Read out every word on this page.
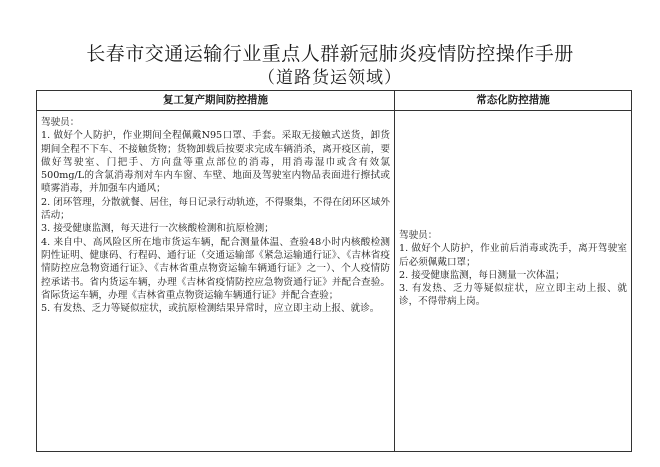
长春市交通运输行业重点人群新冠肺炎疫情防控操作手册
（道路货运领域）
复工复产期间防控措施

驾驶员：

1. 做好个人防护，作业期间全程佩戴N95口罩、手套。采取无接触式送货，卸货期间全程不下车、不接触货物；货物卸载后按要求完成车辆消杀，离开疫区前，要做好驾驶室、门把手、方向盘等重点部位的消毒，用消毒湿巾或含有效氯500mg/L的含氯消毒剂对车内车窗、车壁、地面及驾驶室内物品表面进行擦拭或喷雾消毒，并加强车内通风；

2. 闭环管理，分散就餐、居住，每日记录行动轨迹，不得聚集，不得在闭环区域外活动；

3. 接受健康监测，每天进行一次核酸检测和抗原检测；

4. 来自中、高风险区所在地市货运车辆，配合测量体温、查验48小时内核酸检测阴性证明、健康码、行程码、通行证（交通运输部《紧急运输通行证》、《吉林省疫情防控应急物资通行证》、《吉林省重点物资运输车辆通行证》之一）、个人疫情防控承诺书。省内货运车辆，办理《吉林省疫情防控应急物资通行证》并配合查验。省际货运车辆，办理《吉林省重点物资运输车辆通行证》并配合查验；

5. 有发热、乏力等疑似症状，或抗原检测结果异常时，应立即主动上报、就诊。

常态化防控措施

驾驶员：

1. 做好个人防护，作业前后消毒或洗手，离开驾驶室后必须佩戴口罩；

2. 接受健康监测，每日测量一次体温；

3. 有发热、乏力等疑似症状，应立即主动上报、就诊，不得带病上岗。
